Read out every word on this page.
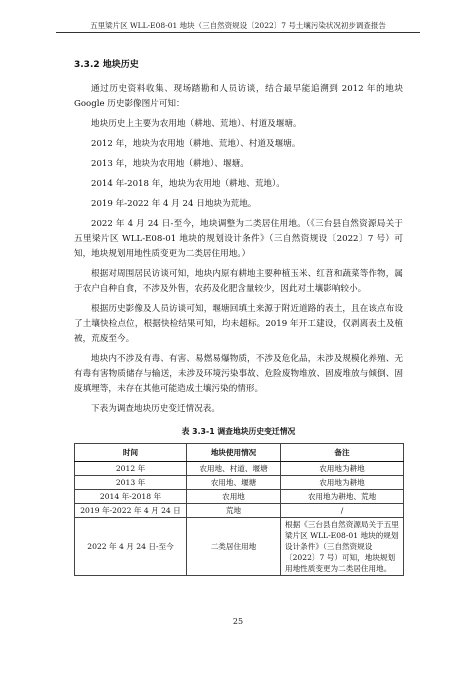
五里梁片区 WLL-E08-01 地块（三自然资规设〔2022〕7 号土壤污染状况初步调查报告
3.3.2 地块历史

通过历史资料收集、现场踏勘和人员访谈，结合最早能追溯到 2012 年的地块 Google 历史影像图片可知：

地块历史上主要为农用地（耕地、荒地）、村道及堰塘。

2012 年，地块为农用地（耕地、荒地）、村道及堰塘。

2013 年，地块为农用地（耕地）、堰塘。

2014 年-2018 年，地块为农用地（耕地、荒地）。

2019 年-2022 年 4 月 24 日地块为荒地。

2022 年 4 月 24 日-至今，地块调整为二类居住用地。（《三台县自然资源局关于五里梁片区 WLL-E08-01 地块的规划设计条件》（三自然资规设〔2022〕7 号）可知，地块规划用地性质变更为二类居住用地。）

根据对周围居民访谈可知，地块内原有耕地主要种植玉米、红苕和蔬菜等作物，属于农户自种自食，不涉及外售，农药及化肥含量较少，因此对土壤影响较小。

根据历史影像及人员访谈可知，堰塘回填土来源于附近道路的表土，且在该点布设了土壤快检点位，根据快检结果可知，均未超标。2019 年开工建设，仅剥离表土及植被，荒废至今。

地块内不涉及有毒、有害、易燃易爆物质，不涉及危化品，未涉及规模化养殖、无有毒有害物质储存与输送，未涉及环境污染事故、危险废物堆放、固废堆放与倾倒、固废填埋等，未存在其他可能造成土壤污染的情形。

下表为调查地块历史变迁情况表。

表 3.3-1 调查地块历史变迁情况
时间	地块使用情况	备注
2012 年	农用地、村道、堰塘	农用地为耕地
2013 年	农用地、堰塘	农用地为耕地
2014 年-2018 年	农用地	农用地为耕地、荒地
2019 年-2022 年 4 月 24 日	荒地	/
2022 年 4 月 24 日-至今	二类居住用地	根据《三台县自然资源局关于五里梁片区 WLL-E08-01 地块的规划设计条件》（三自然资规设〔2022〕7 号）可知，地块规划用地性质变更为二类居住用地。
25
